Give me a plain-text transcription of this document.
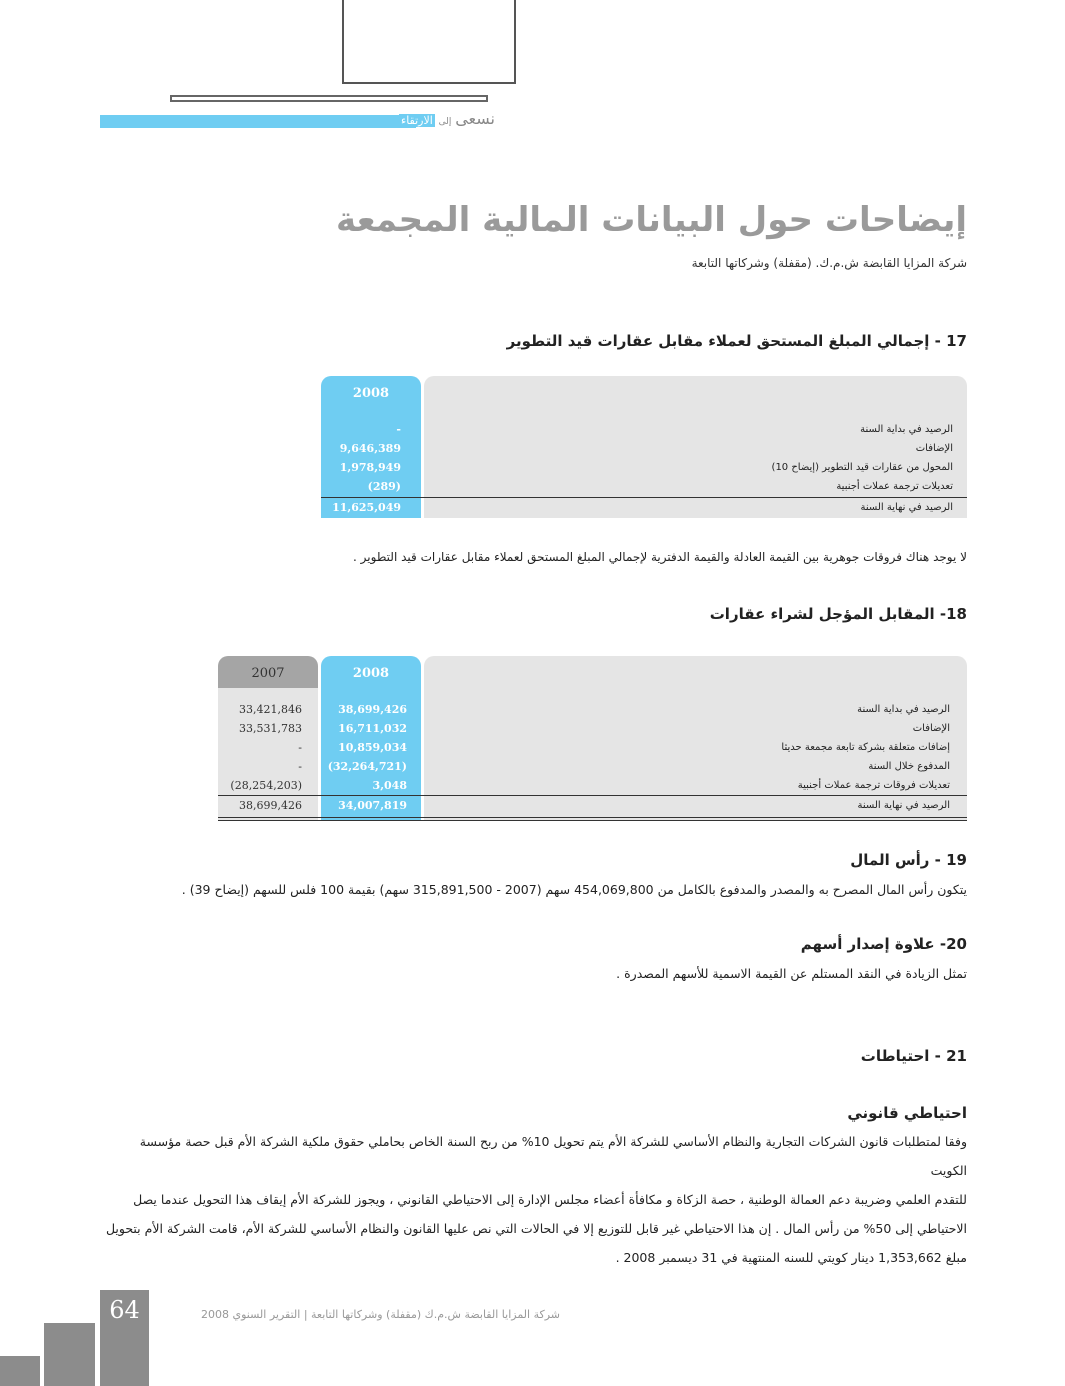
نسعى إلى الارتقاء
إيضاحات حول البيانات المالية المجمعة
شركة المزايا القابضة ش.م.ك. (مقفلة) وشركاتها التابعة
17 - إجمالي المبلغ المستحق لعملاء مقابل عقارات قيد التطوير
2008
-	الرصيد في بداية السنة
9,646,389	الإضافات
1,978,949	المحول من عقارات قيد التطوير (إيضاح 10)
(289)	تعديلات ترجمة عملات أجنبية
11,625,049	الرصيد في نهاية السنة
لا يوجد هناك فروقات جوهرية بين القيمة العادلة والقيمة الدفترية لإجمالي المبلغ المستحق لعملاء مقابل عقارات قيد التطوير .
18- المقابل المؤجل لشراء عقارات
2008
2007
33,421,846	38,699,426	الرصيد في بداية السنة
33,531,783	16,711,032	الإضافات
-	10,859,034	إضافات متعلقة بشركة تابعة مجمعة حديثا
-	(32,264,721)	المدفوع خلال السنة
(28,254,203)	3,048	تعديلات فروقات ترجمة عملات أجنبية
38,699,426	34,007,819	الرصيد في نهاية السنة
19 - رأس المال
يتكون رأس المال المصرح به والمصدر والمدفوع بالكامل من 454,069,800 سهم (2007 - 315,891,500 سهم) بقيمة 100 فلس للسهم (إيضاح 39) .
20- علاوة إصدار أسهم
تمثل الزيادة في النقد المستلم عن القيمة الاسمية للأسهم المصدرة .
21 - احتياطات
احتياطي قانوني
وفقا لمتطلبات قانون الشركات التجارية والنظام الأساسي للشركة الأم يتم تحويل 10% من ربح السنة الخاص بحاملي حقوق ملكية الشركة الأم قبل حصة مؤسسة الكويت
للتقدم العلمي وضريبة دعم العمالة الوطنية ، حصة الزكاة و مكافأة أعضاء مجلس الإدارة إلى الاحتياطي القانوني ، ويجوز للشركة الأم إيقاف هذا التحويل عندما يصل
الاحتياطي إلى 50% من رأس المال . إن هذا الاحتياطي غير قابل للتوزيع إلا في الحالات التي نص عليها القانون والنظام الأساسي للشركة الأم، قامت الشركة الأم بتحويل
مبلغ 1,353,662 دينار كويتي للسنه المنتهية في 31 ديسمبر 2008 .
64	شركة المزايا القابضة ش.م.ك (مقفلة) وشركاتها التابعة | التقرير السنوي 2008
